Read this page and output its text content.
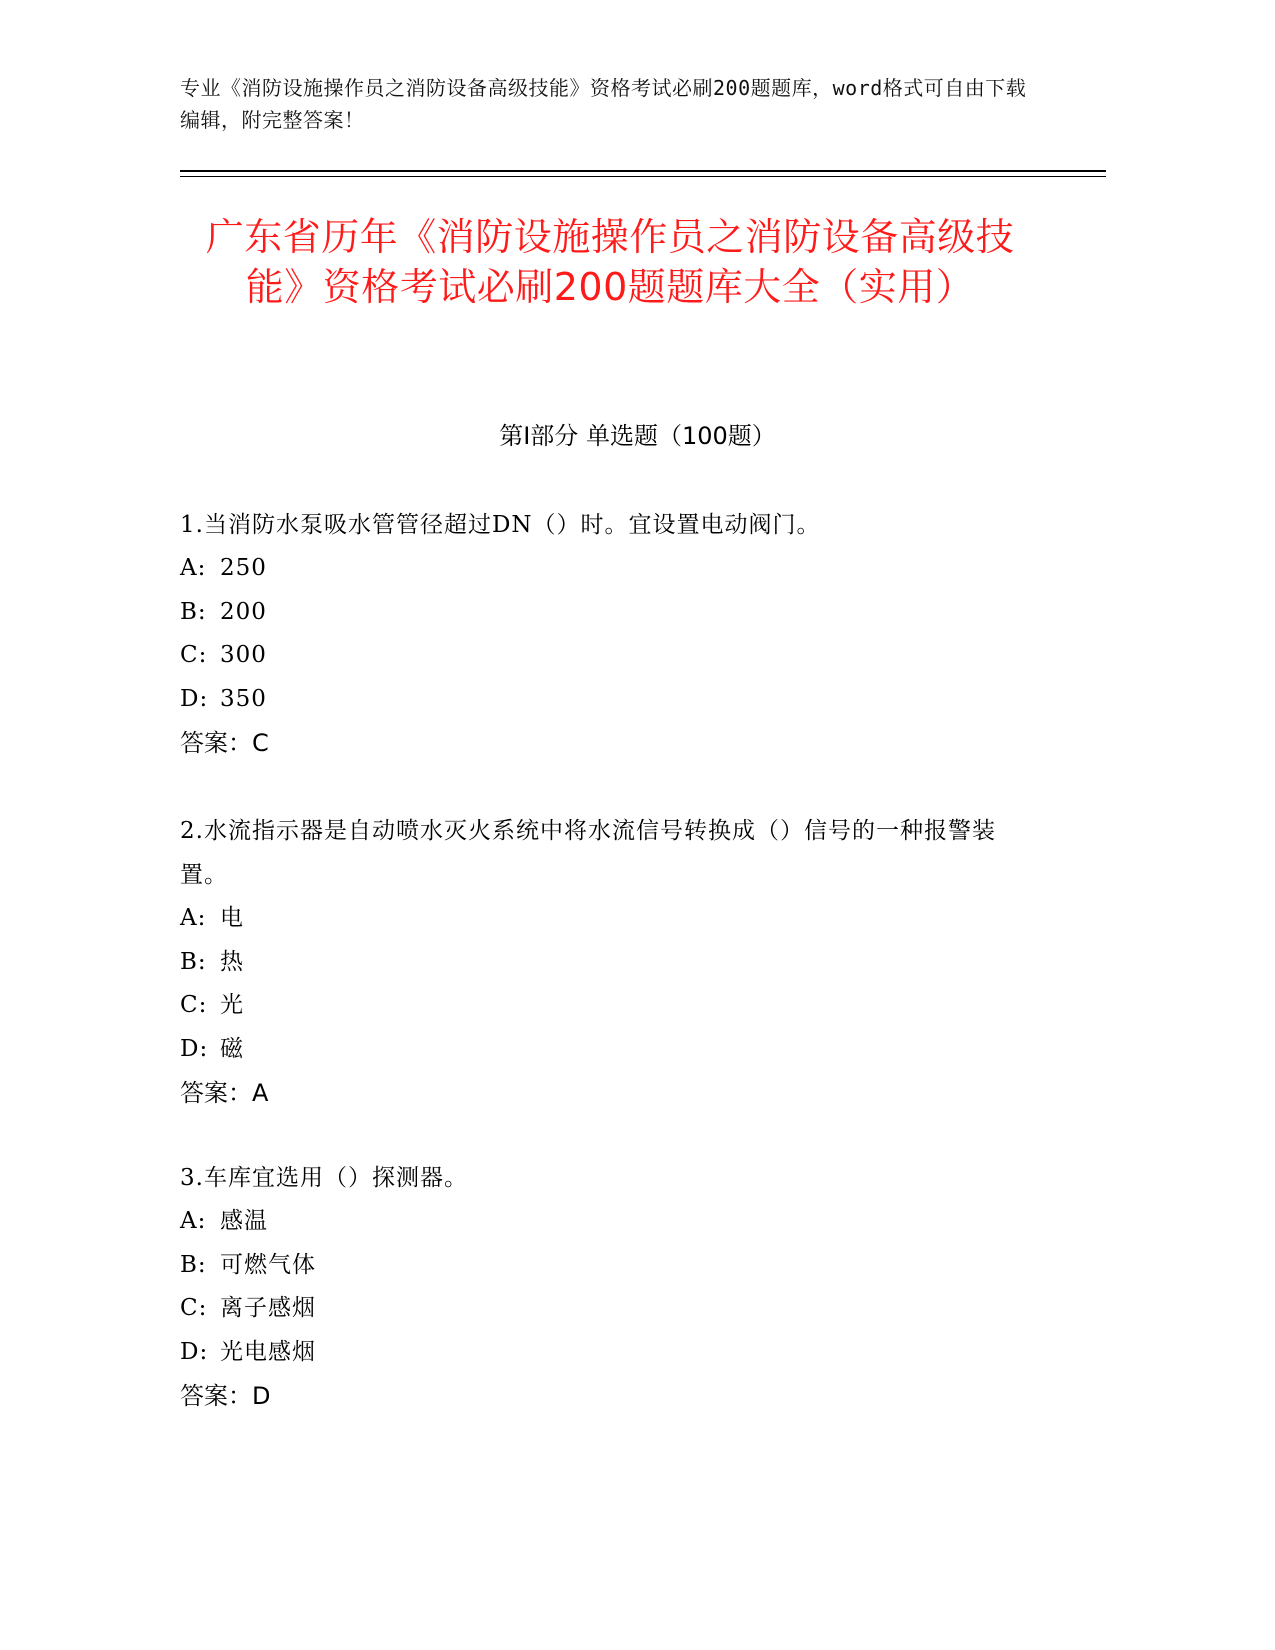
专业《消防设施操作员之消防设备高级技能》资格考试必刷200题题库，word格式可自由下载编辑，附完整答案！
广东省历年《消防设施操作员之消防设备高级技能》资格考试必刷200题题库大全（实用）
第Ⅰ部分 单选题（100题）
1.当消防水泵吸水管管径超过DN（）时。宜设置电动阀门。
A: 250
B: 200
C: 300
D: 350
答案：C
2.水流指示器是自动喷水灭火系统中将水流信号转换成（）信号的一种报警装置。
A: 电
B: 热
C: 光
D: 磁
答案：A
3.车库宜选用（）探测器。
A: 感温
B: 可燃气体
C: 离子感烟
D: 光电感烟
答案：D
